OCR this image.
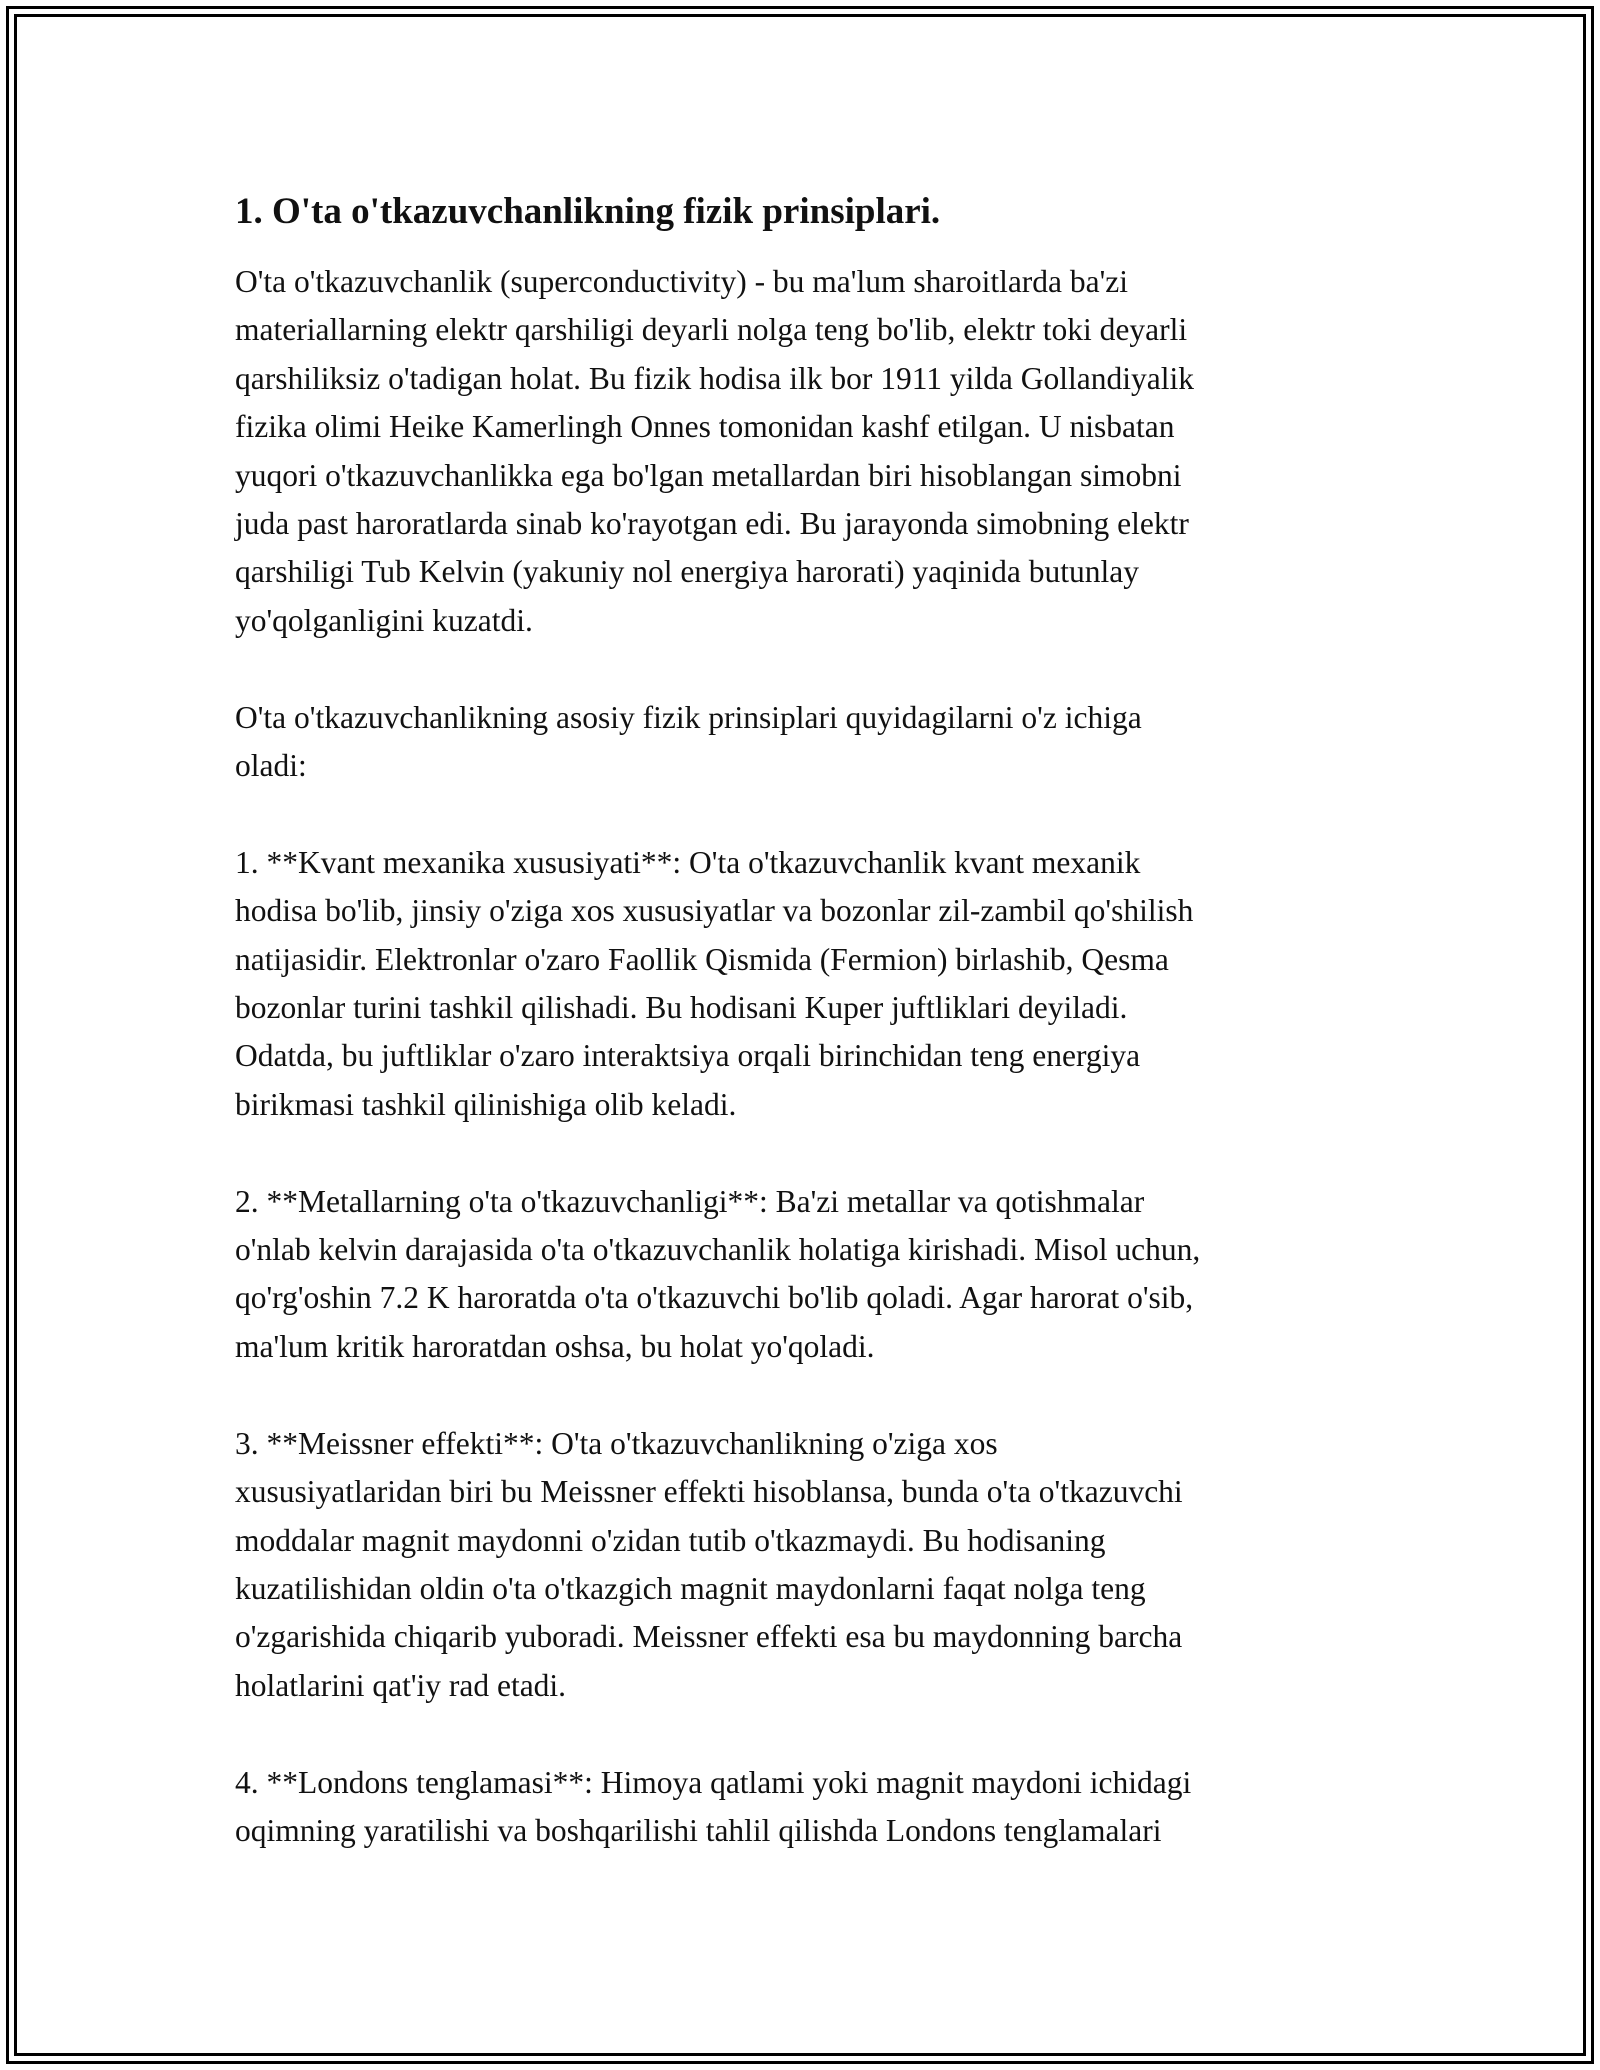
1. O'ta o'tkazuvchanlikning fizik prinsiplari.

O'ta o'tkazuvchanlik (superconductivity) - bu ma'lum sharoitlarda ba'zi
materiallarning elektr qarshiligi deyarli nolga teng bo'lib, elektr toki deyarli
qarshiliksiz o'tadigan holat. Bu fizik hodisa ilk bor 1911 yilda Gollandiyalik
fizika olimi Heike Kamerlingh Onnes tomonidan kashf etilgan. U nisbatan
yuqori o'tkazuvchanlikka ega bo'lgan metallardan biri hisoblangan simobni
juda past haroratlarda sinab ko'rayotgan edi. Bu jarayonda simobning elektr
qarshiligi Tub Kelvin (yakuniy nol energiya harorati) yaqinida butunlay
yo'qolganligini kuzatdi.

O'ta o'tkazuvchanlikning asosiy fizik prinsiplari quyidagilarni o'z ichiga
oladi:

1. **Kvant mexanika xususiyati**: O'ta o'tkazuvchanlik kvant mexanik
hodisa bo'lib, jinsiy o'ziga xos xususiyatlar va bozonlar zil-zambil qo'shilish
natijasidir. Elektronlar o'zaro Faollik Qismida (Fermion) birlashib, Qesma
bozonlar turini tashkil qilishadi. Bu hodisani Kuper juftliklari deyiladi.
Odatda, bu juftliklar o'zaro interaktsiya orqali birinchidan teng energiya
birikmasi tashkil qilinishiga olib keladi.

2. **Metallarning o'ta o'tkazuvchanligi**: Ba'zi metallar va qotishmalar
o'nlab kelvin darajasida o'ta o'tkazuvchanlik holatiga kirishadi. Misol uchun,
qo'rg'oshin 7.2 K haroratda o'ta o'tkazuvchi bo'lib qoladi. Agar harorat o'sib,
ma'lum kritik haroratdan oshsa, bu holat yo'qoladi.

3. **Meissner effekti**: O'ta o'tkazuvchanlikning o'ziga xos
xususiyatlaridan biri bu Meissner effekti hisoblansa, bunda o'ta o'tkazuvchi
moddalar magnit maydonni o'zidan tutib o'tkazmaydi. Bu hodisaning
kuzatilishidan oldin o'ta o'tkazgich magnit maydonlarni faqat nolga teng
o'zgarishida chiqarib yuboradi. Meissner effekti esa bu maydonning barcha
holatlarini qat'iy rad etadi.

4. **Londons tenglamasi**: Himoya qatlami yoki magnit maydoni ichidagi
oqimning yaratilishi va boshqarilishi tahlil qilishda Londons tenglamalari
